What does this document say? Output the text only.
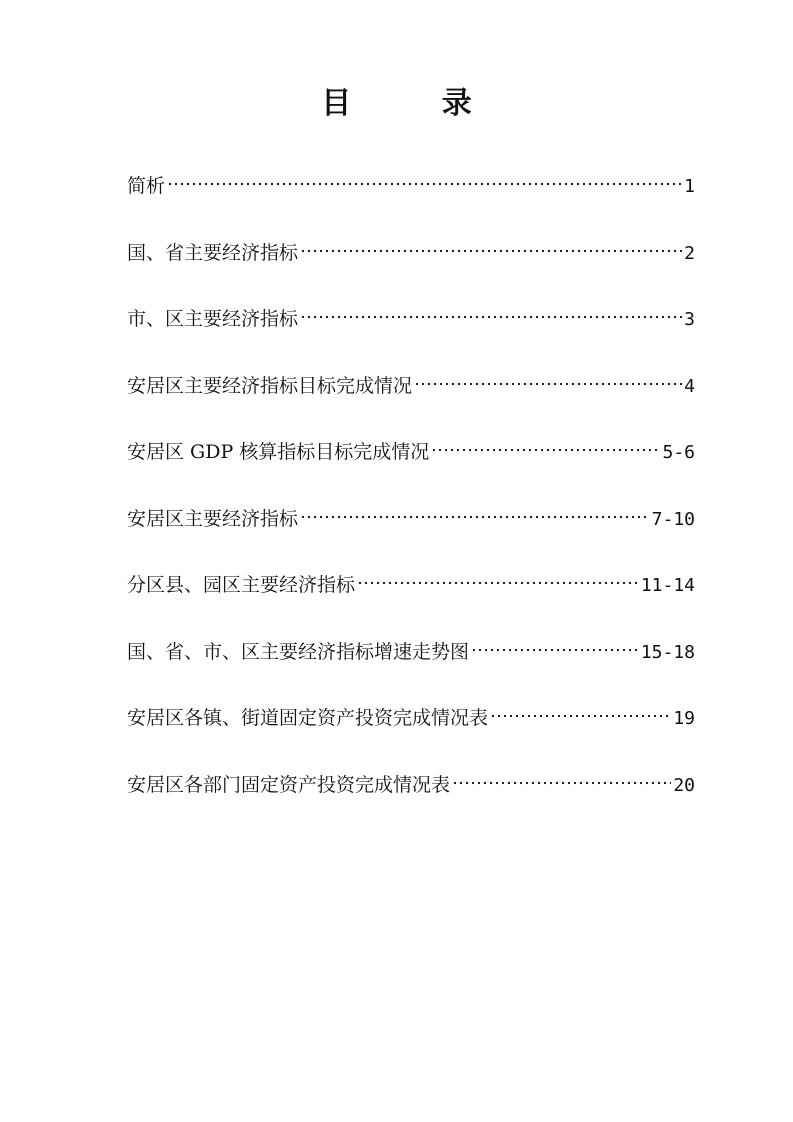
目 录
简析	1
国、省主要经济指标	2
市、区主要经济指标	3
安居区主要经济指标目标完成情况	4
安居区 GDP 核算指标目标完成情况	5-6
安居区主要经济指标	7-10
分区县、园区主要经济指标	11-14
国、省、市、区主要经济指标增速走势图	15-18
安居区各镇、街道固定资产投资完成情况表	19
安居区各部门固定资产投资完成情况表	20
